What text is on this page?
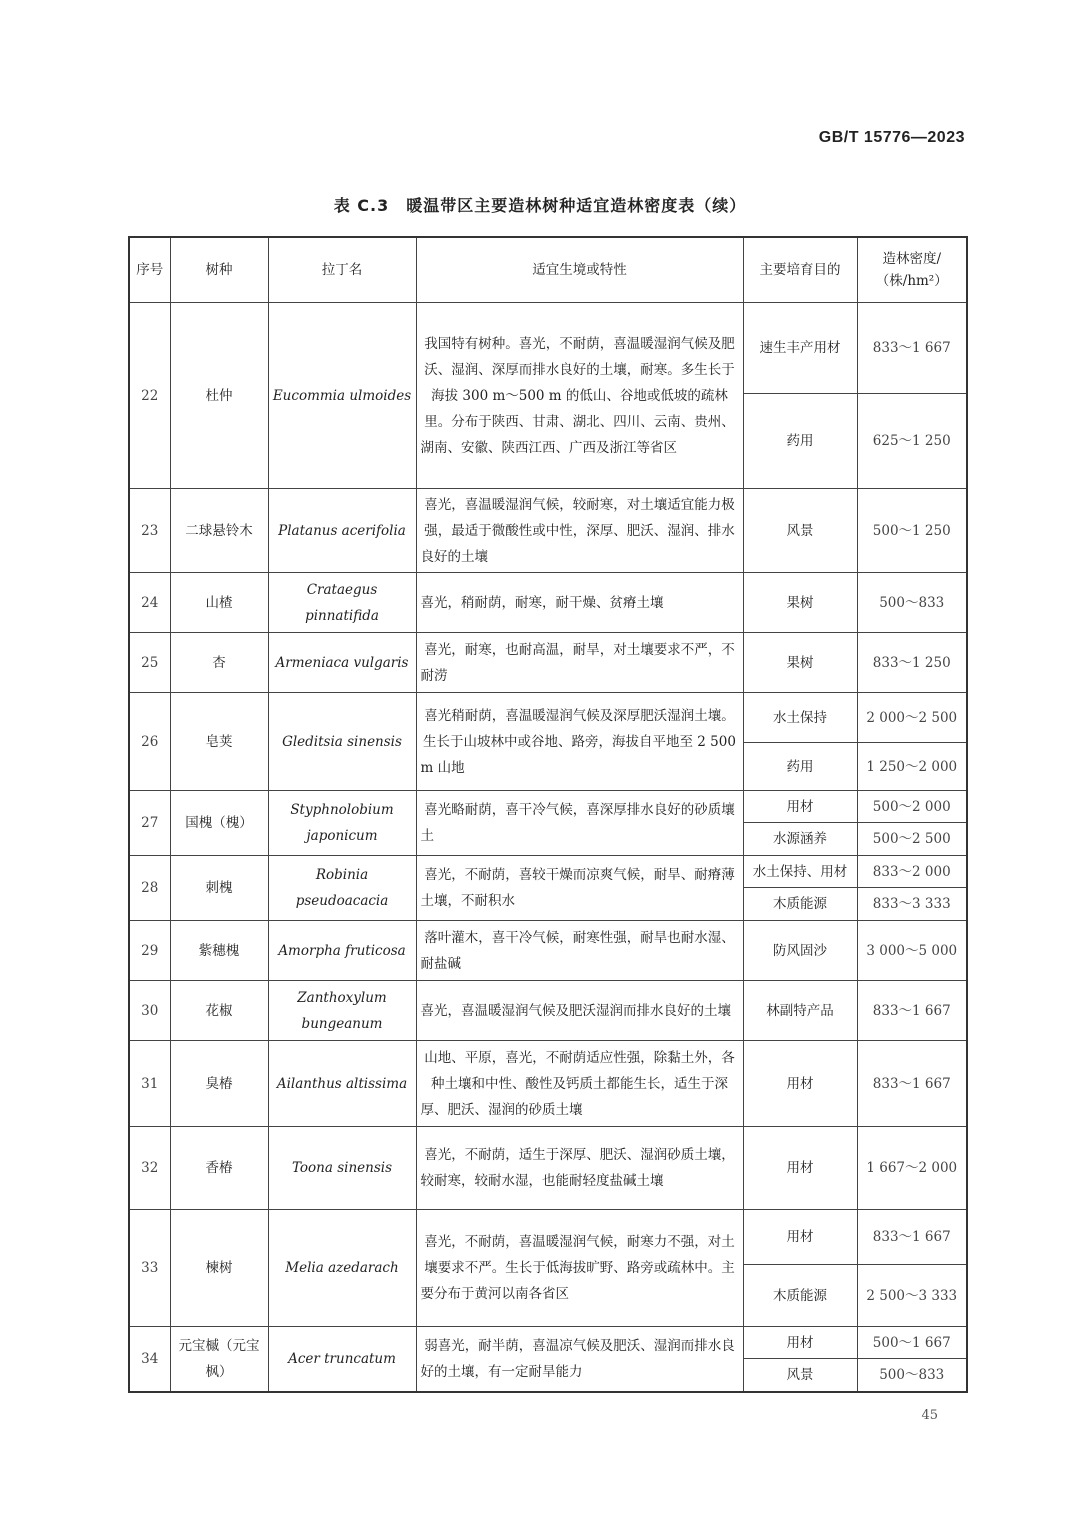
GB/T 15776—2023
表 C.3　暖温带区主要造林树种适宜造林密度表（续）
序号	树种	拉丁名	适宜生境或特性	主要培育目的	造林密度/（株/hm²）
22	杜仲	Eucommia ulmoides	我国特有树种。喜光，不耐荫，喜温暖湿润气候及肥沃、湿润、深厚而排水良好的土壤，耐寒。多生长于海拔 300 m～500 m 的低山、谷地或低坡的疏林里。分布于陕西、甘肃、湖北、四川、云南、贵州、湖南、安徽、陕西江西、广西及浙江等省区	速生丰产用材	833～1 667
				药用	625～1 250
23	二球悬铃木	Platanus acerifolia	喜光，喜温暖湿润气候，较耐寒，对土壤适宜能力极强，最适于微酸性或中性，深厚、肥沃、湿润、排水良好的土壤	风景	500～1 250
24	山楂	Crataegus pinnatifida	喜光，稍耐荫，耐寒，耐干燥、贫瘠土壤	果树	500～833
25	杏	Armeniaca vulgaris	喜光，耐寒，也耐高温，耐旱，对土壤要求不严，不耐涝	果树	833～1 250
26	皂荚	Gleditsia sinensis	喜光稍耐荫，喜温暖湿润气候及深厚肥沃湿润土壤。生长于山坡林中或谷地、路旁，海拔自平地至 2 500 m 山地	水土保持	2 000～2 500
				药用	1 250～2 000
27	国槐（槐）	Styphnolobium japonicum	喜光略耐荫，喜干冷气候，喜深厚排水良好的砂质壤土	用材	500～2 000
				水源涵养	500～2 500
28	刺槐	Robinia pseudoacacia	喜光，不耐荫，喜较干燥而凉爽气候，耐旱、耐瘠薄土壤，不耐积水	水土保持、用材	833～2 000
				木质能源	833～3 333
29	紫穗槐	Amorpha fruticosa	落叶灌木，喜干冷气候，耐寒性强，耐旱也耐水湿、耐盐碱	防风固沙	3 000～5 000
30	花椒	Zanthoxylum bungeanum	喜光，喜温暖湿润气候及肥沃湿润而排水良好的土壤	林副特产品	833～1 667
31	臭椿	Ailanthus altissima	山地、平原，喜光，不耐荫适应性强，除黏土外，各种土壤和中性、酸性及钙质土都能生长，适生于深厚、肥沃、湿润的砂质土壤	用材	833～1 667
32	香椿	Toona sinensis	喜光，不耐荫，适生于深厚、肥沃、湿润砂质土壤，较耐寒，较耐水湿，也能耐轻度盐碱土壤	用材	1 667～2 000
33	楝树	Melia azedarach	喜光，不耐荫，喜温暖湿润气候，耐寒力不强，对土壤要求不严。生长于低海拔旷野、路旁或疏林中。主要分布于黄河以南各省区	用材	833～1 667
				木质能源	2 500～3 333
34	元宝槭（元宝枫）	Acer truncatum	弱喜光，耐半荫，喜温凉气候及肥沃、湿润而排水良好的土壤，有一定耐旱能力	用材	500～1 667
				风景	500～833
45
